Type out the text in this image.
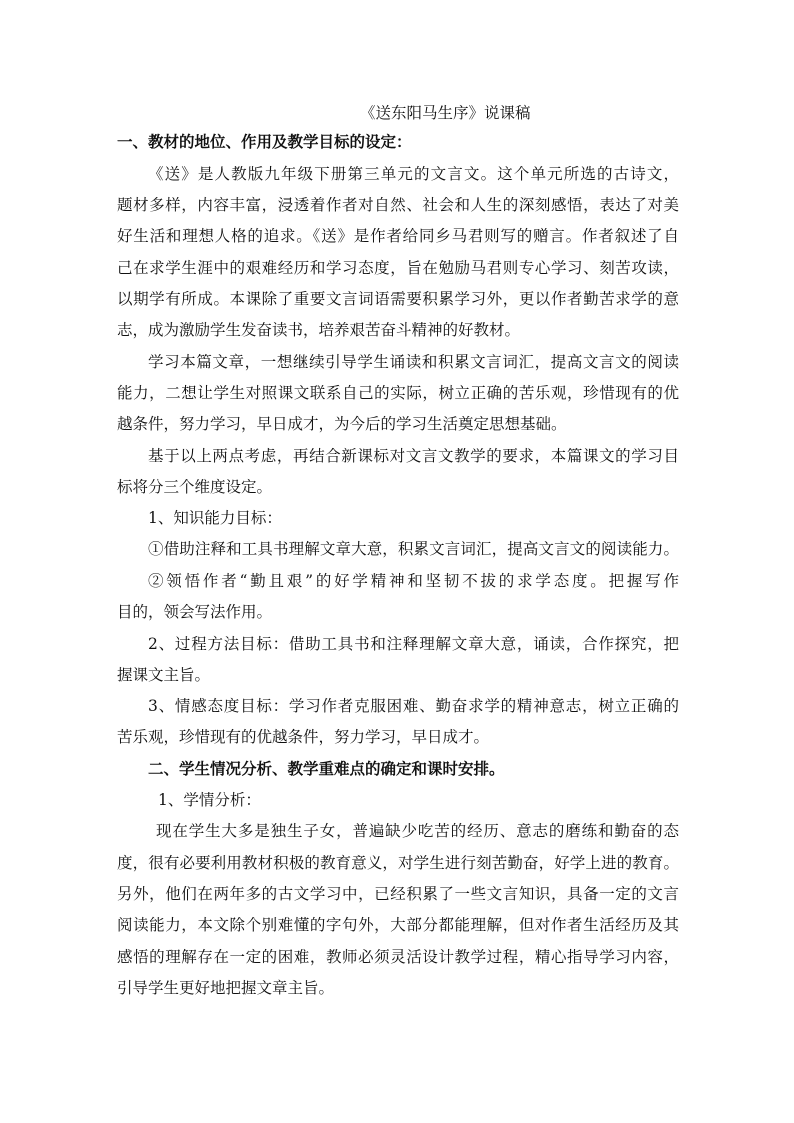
《送东阳马生序》说课稿
一、教材的地位、作用及教学目标的设定：
《送》是人教版九年级下册第三单元的文言文。这个单元所选的古诗文，
题材多样，内容丰富，浸透着作者对自然、社会和人生的深刻感悟，表达了对美
好生活和理想人格的追求。《送》是作者给同乡马君则写的赠言。作者叙述了自
己在求学生涯中的艰难经历和学习态度，旨在勉励马君则专心学习、刻苦攻读，
以期学有所成。本课除了重要文言词语需要积累学习外，更以作者勤苦求学的意
志，成为激励学生发奋读书，培养艰苦奋斗精神的好教材。
学习本篇文章，一想继续引导学生诵读和积累文言词汇，提高文言文的阅读
能力，二想让学生对照课文联系自己的实际，树立正确的苦乐观，珍惜现有的优
越条件，努力学习，早日成才，为今后的学习生活奠定思想基础。
基于以上两点考虑，再结合新课标对文言文教学的要求，本篇课文的学习目
标将分三个维度设定。
1、知识能力目标：
①借助注释和工具书理解文章大意，积累文言词汇，提高文言文的阅读能力。
②领悟作者“勤且艰”的好学精神和坚韧不拔的求学态度。把握写作
目的，领会写法作用。
2、过程方法目标：借助工具书和注释理解文章大意，诵读，合作探究，把
握课文主旨。
3、情感态度目标：学习作者克服困难、勤奋求学的精神意志，树立正确的
苦乐观，珍惜现有的优越条件，努力学习，早日成才。
二、学生情况分析、教学重难点的确定和课时安排。
1、学情分析：
现在学生大多是独生子女，普遍缺少吃苦的经历、意志的磨练和勤奋的态
度，很有必要利用教材积极的教育意义，对学生进行刻苦勤奋，好学上进的教育。
另外，他们在两年多的古文学习中，已经积累了一些文言知识，具备一定的文言
阅读能力，本文除个别难懂的字句外，大部分都能理解，但对作者生活经历及其
感悟的理解存在一定的困难，教师必须灵活设计教学过程，精心指导学习内容，
引导学生更好地把握文章主旨。
